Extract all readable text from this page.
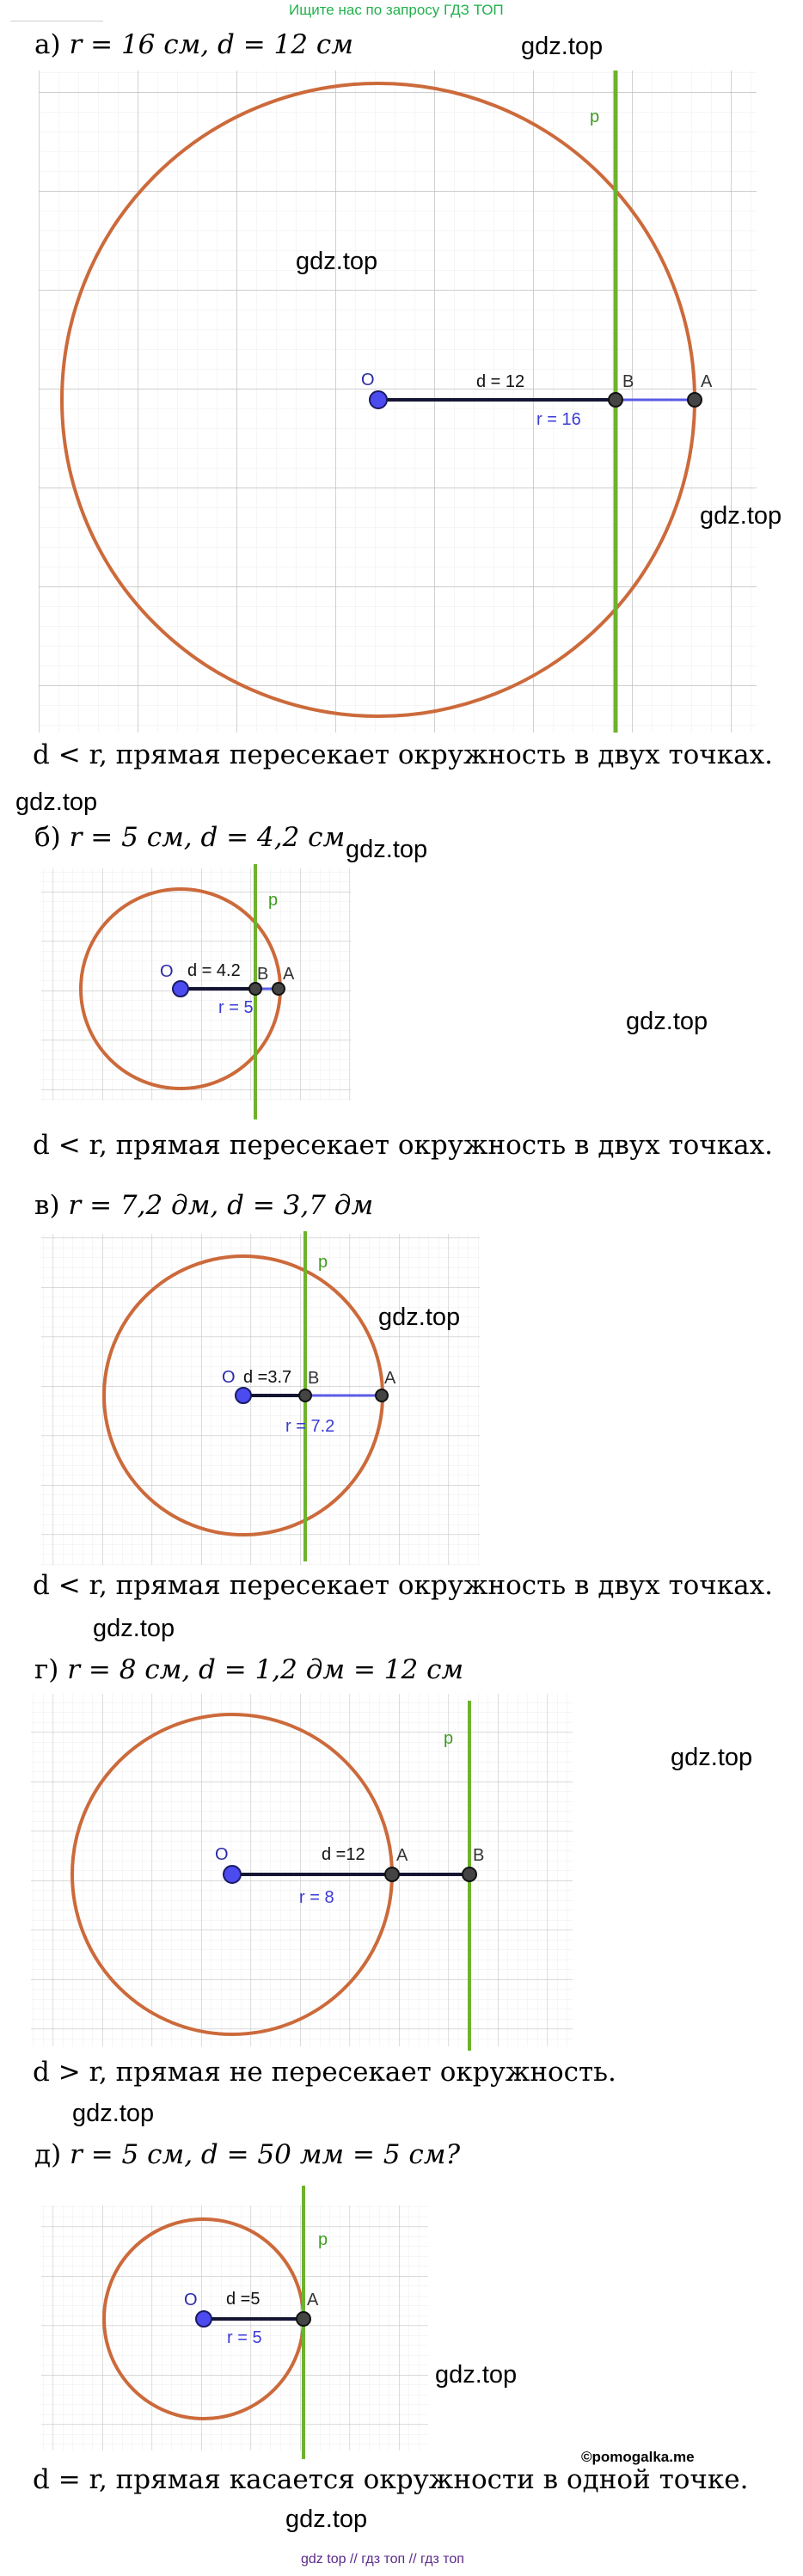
Ищите нас по запросу ГДЗ ТОП
а) r = 16 см, d = 12 см	gdz.top
O	B	A
p
d = 12
r = 16
O	B A
p
d = 4.2
r = 5
O	B	A
p
d =3.7
r = 7.2
O	A	B
p
d =12
r = 8
O	A
p
d =5
r = 5
gdz.top
gdz.top
d < r, прямая пересекает окружность в двух точках.
gdz.top
б) r = 5 см, d = 4,2 см gdz.top
gdz.top
d < r, прямая пересекает окружность в двух точках.
в) r = 7,2 дм, d = 3,7 дм
gdz.top
d < r, прямая пересекает окружность в двух точках.
gdz.top
г) r = 8 см, d = 1,2 дм = 12 см
gdz.top
d > r, прямая не пересекает окружность.
gdz.top
д) r = 5 см, d = 50 мм = 5 см?
gdz.top
©pomogalka.me
d = r, прямая касается окружности в одной точке.
gdz.top
gdz top // гдз топ // гдз топ
